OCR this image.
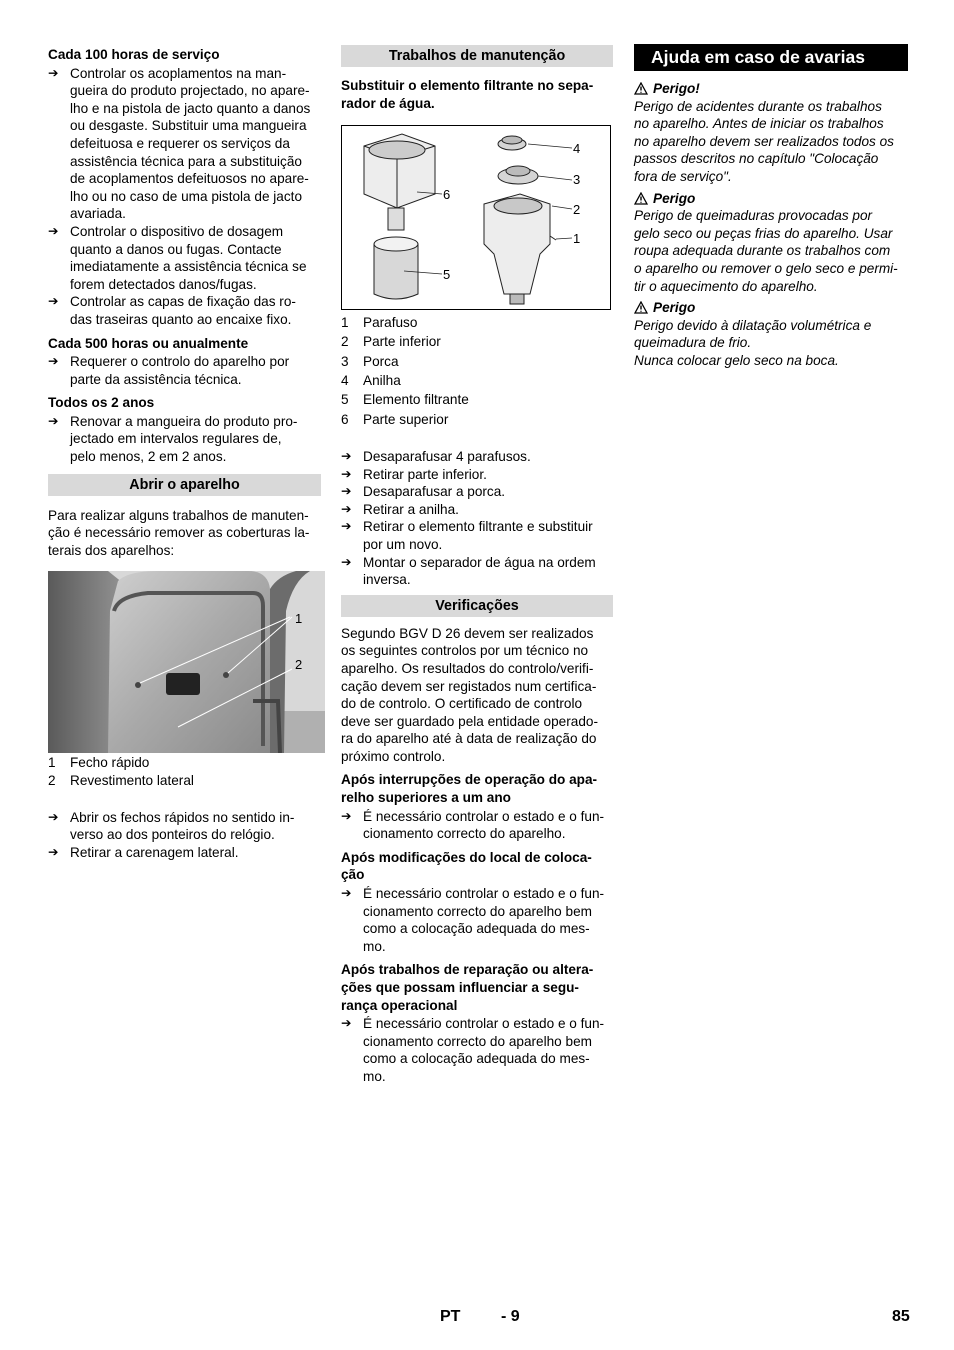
Cada 100 horas de serviço
➔ Controlar os acoplamentos na man-
gueira do produto projectado, no apare-
lho e na pistola de jacto quanto a danos
ou desgaste. Substituir uma mangueira
defeituosa e requerer os serviços da
assistência técnica para a substituição
de acoplamentos defeituosos no apare-
lho ou no caso de uma pistola de jacto
avariada.
➔ Controlar o dispositivo de dosagem
quanto a danos ou fugas. Contacte
imediatamente a assistência técnica se
forem detectados danos/fugas.
➔ Controlar as capas de fixação das ro-
das traseiras quanto ao encaixe fixo.
Cada 500 horas ou anualmente
➔ Requerer o controlo do aparelho por
parte da assistência técnica.
Todos os 2 anos
➔ Renovar a mangueira do produto pro-
jectado em intervalos regulares de,
pelo menos, 2 em 2 anos.
Abrir o aparelho
Para realizar alguns trabalhos de manuten-
ção é necessário remover as coberturas la-
terais dos aparelhos:
1
2
1 Fecho rápido
2 Revestimento lateral
➔ Abrir os fechos rápidos no sentido in-
verso ao dos ponteiros do relógio.
➔ Retirar a carenagem lateral.
Trabalhos de manutenção
Substituir o elemento filtrante no sepa-
rador de água.
4
3
2
1
6
5
1 Parafuso
2 Parte inferior
3 Porca
4 Anilha
5 Elemento filtrante
6 Parte superior
➔ Desaparafusar 4 parafusos.
➔ Retirar parte inferior.
➔ Desaparafusar a porca.
➔ Retirar a anilha.
➔ Retirar o elemento filtrante e substituir
por um novo.
➔ Montar o separador de água na ordem
inversa.
Verificações
Segundo BGV D 26 devem ser realizados
os seguintes controlos por um técnico no
aparelho. Os resultados do controlo/verifi-
cação devem ser registados num certifica-
do de controlo. O certificado de controlo
deve ser guardado pela entidade operado-
ra do aparelho até à data de realização do
próximo controlo.
Após interrupções de operação do apa-
relho superiores a um ano
➔ É necessário controlar o estado e o fun-
cionamento correcto do aparelho.
Após modificações do local de coloca-
ção
➔ É necessário controlar o estado e o fun-
cionamento correcto do aparelho bem
como a colocação adequada do mes-
mo.
Após trabalhos de reparação ou altera-
ções que possam influenciar a segu-
rança operacional
➔ É necessário controlar o estado e o fun-
cionamento correcto do aparelho bem
como a colocação adequada do mes-
mo.
Ajuda em caso de avarias
Perigo!
Perigo de acidentes durante os trabalhos
no aparelho. Antes de iniciar os trabalhos
no aparelho devem ser realizados todos os
passos descritos no capítulo "Colocação
fora de serviço".
Perigo
Perigo de queimaduras provocadas por
gelo seco ou peças frias do aparelho. Usar
roupa adequada durante os trabalhos com
o aparelho ou remover o gelo seco e permi-
tir o aquecimento do aparelho.
Perigo
Perigo devido à dilatação volumétrica e
queimadura de frio.
Nunca colocar gelo seco na boca.
PT	- 9	85
